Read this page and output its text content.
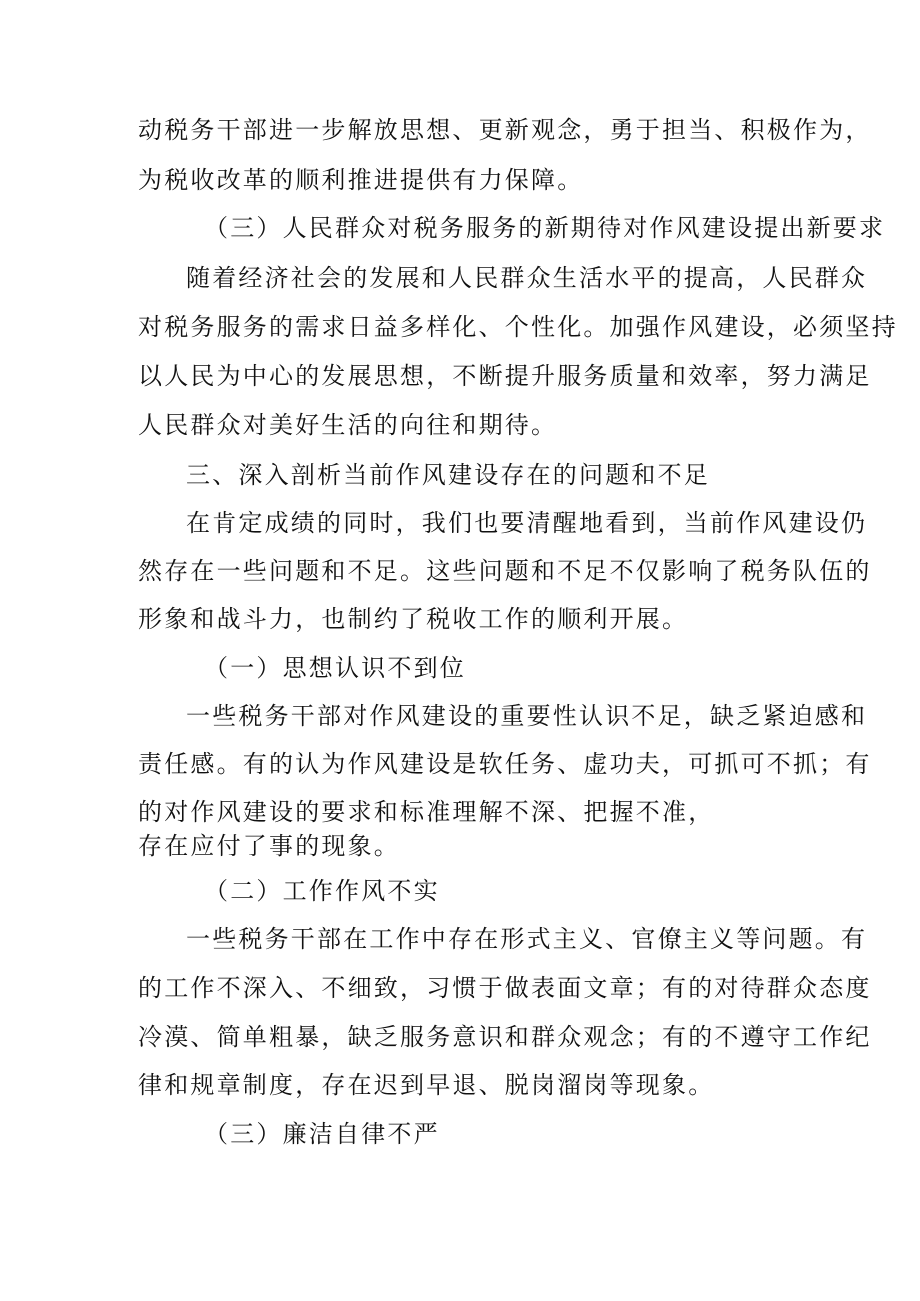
动税务干部进一步解放思想、更新观念，勇于担当、积极作为，
为税收改革的顺利推进提供有力保障。
（三）人民群众对税务服务的新期待对作风建设提出新要求
随着经济社会的发展和人民群众生活水平的提高，人民群众
对税务服务的需求日益多样化、个性化。加强作风建设，必须坚持
以人民为中心的发展思想，不断提升服务质量和效率，努力满足
人民群众对美好生活的向往和期待。
三、深入剖析当前作风建设存在的问题和不足
在肯定成绩的同时，我们也要清醒地看到，当前作风建设仍
然存在一些问题和不足。这些问题和不足不仅影响了税务队伍的
形象和战斗力，也制约了税收工作的顺利开展。
（一）思想认识不到位
一些税务干部对作风建设的重要性认识不足，缺乏紧迫感和
责任感。有的认为作风建设是软任务、虚功夫，可抓可不抓；有
的对作风建设的要求和标准理解不深、把握不准，
存在应付了事的现象。
（二）工作作风不实
一些税务干部在工作中存在形式主义、官僚主义等问题。有
的工作不深入、不细致，习惯于做表面文章；有的对待群众态度
冷漠、简单粗暴，缺乏服务意识和群众观念；有的不遵守工作纪
律和规章制度，存在迟到早退、脱岗溜岗等现象。
（三）廉洁自律不严
